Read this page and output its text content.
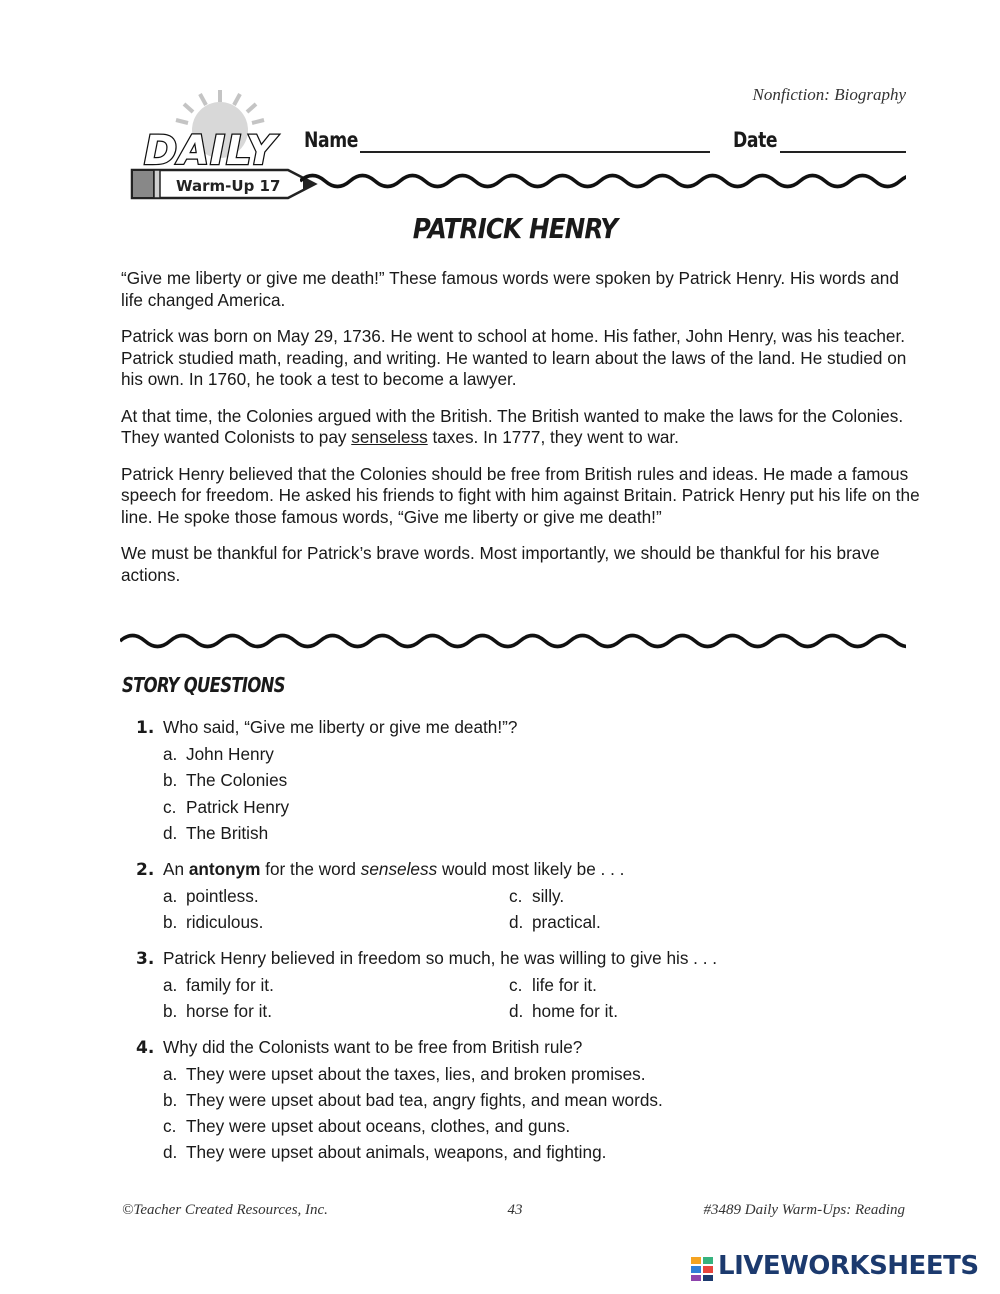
Nonfiction: Biography
DAILY
Warm-Up 17
Name	Date
PATRICK HENRY

“Give me liberty or give me death!” These famous words were spoken by Patrick Henry. His words and life changed America.

Patrick was born on May 29, 1736. He went to school at home. His father, John Henry, was his teacher. Patrick studied math, reading, and writing. He wanted to learn about the laws of the land. He studied on his own. In 1760, he took a test to become a lawyer.

At that time, the Colonies argued with the British. The British wanted to make the laws for the Colonies. They wanted Colonists to pay senseless taxes. In 1777, they went to war.

Patrick Henry believed that the Colonies should be free from British rules and ideas. He made a famous speech for freedom. He asked his friends to fight with him against Britain. Patrick Henry put his life on the line. He spoke those famous words, “Give me liberty or give me death!”

We must be thankful for Patrick’s brave words. Most importantly, we should be thankful for his brave actions.

STORY QUESTIONS
1. Who said, “Give me liberty or give me death!”?
a. John Henry
b. The Colonies
c. Patrick Henry
d. The British
2. An antonym for the word senseless would most likely be . . .
a. pointless.
b. ridiculous.
c. silly.
d. practical.
3. Patrick Henry believed in freedom so much, he was willing to give his . . .
a. family for it.
b. horse for it.
c. life for it.
d. home for it.
4. Why did the Colonists want to be free from British rule?
a. They were upset about the taxes, lies, and broken promises.
b. They were upset about bad tea, angry fights, and mean words.
c. They were upset about oceans, clothes, and guns.
d. They were upset about animals, weapons, and fighting.
©Teacher Created Resources, Inc.	43	#3489 Daily Warm-Ups: Reading
LIVEWORKSHEETS
